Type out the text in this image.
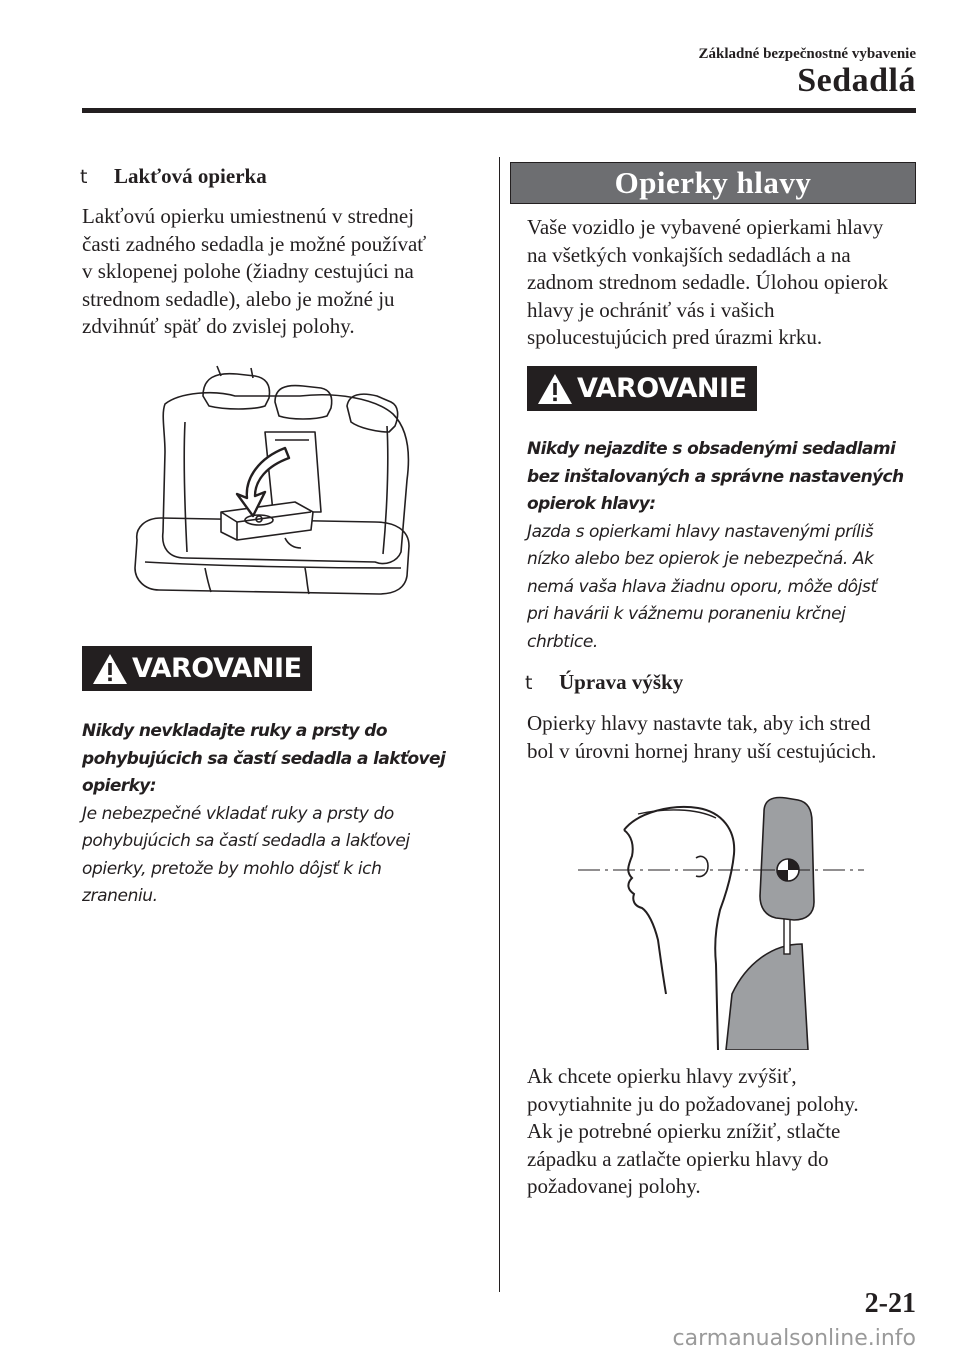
Základné bezpečnostné vybavenie
Sedadlá
t	Lakťová opierka

Lakťovú opierku umiestnenú v strednej

časti zadného sedadla je možné používať

v sklopenej polohe (žiadny cestujúci na

strednom sedadle), alebo je možné ju

zdvihnúť späť do zvislej polohy.

VAROVANIE
Nikdy nevkladajte ruky a prsty do
pohybujúcich sa častí sedadla a lakťovej
opierky:
Je nebezpečné vkladať ruky a prsty do
pohybujúcich sa častí sedadla a lakťovej
opierky, pretože by mohlo dôjsť k ich
zraneniu.
Opierky hlavy

Vaše vozidlo je vybavené opierkami hlavy

na všetkých vonkajších sedadlách a na

zadnom strednom sedadle. Úlohou opierok

hlavy je ochrániť vás i vašich

spolucestujúcich pred úrazmi krku.

VAROVANIE
Nikdy nejazdite s obsadenými sedadlami
bez inštalovaných a správne nastavených
opierok hlavy:
Jazda s opierkami hlavy nastavenými príliš
nízko alebo bez opierok je nebezpečná. Ak
nemá vaša hlava žiadnu oporu, môže dôjsť
pri havárii k vážnemu poraneniu krčnej
chrbtice.
t	Úprava výšky

Opierky hlavy nastavte tak, aby ich stred

bol v úrovni hornej hrany uší cestujúcich.

Ak chcete opierku hlavy zvýšiť,

povytiahnite ju do požadovanej polohy.

Ak je potrebné opierku znížiť, stlačte

západku a zatlačte opierku hlavy do

požadovanej polohy.

2-21
carmanualsonline.info
